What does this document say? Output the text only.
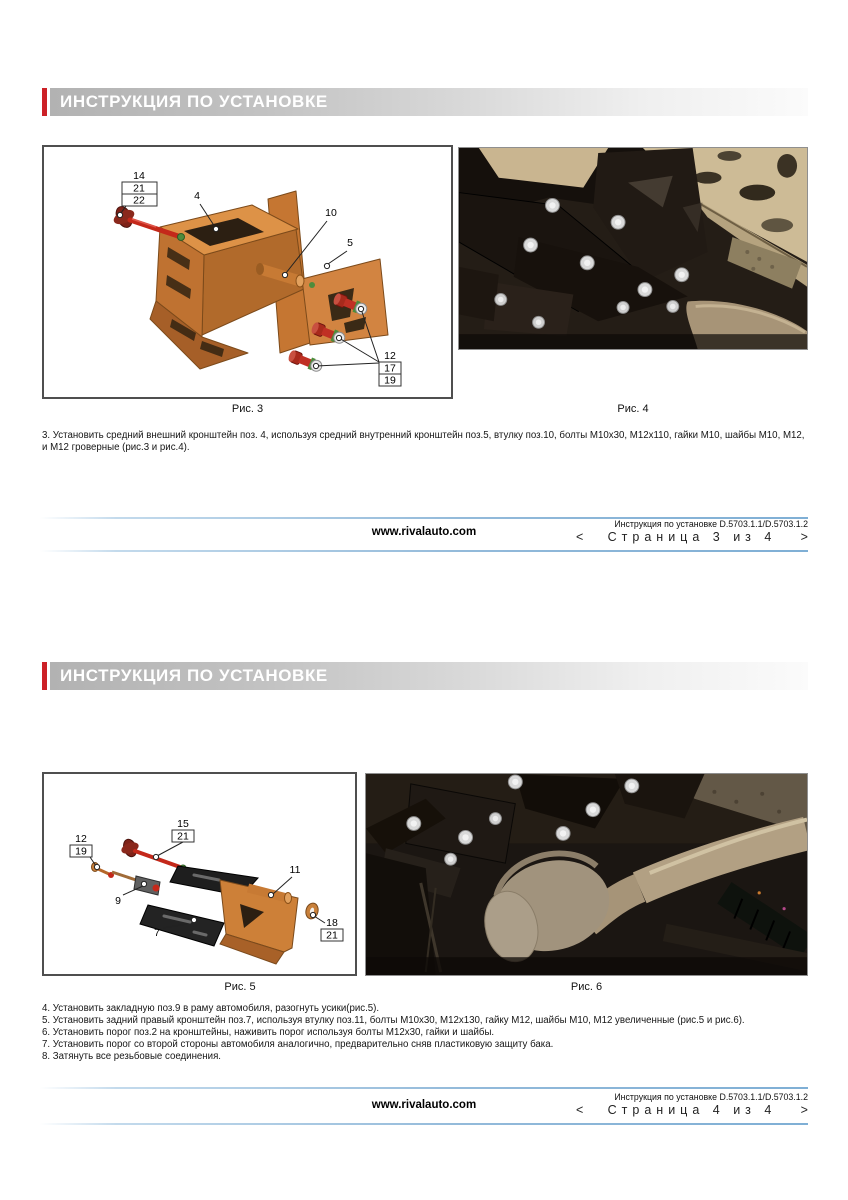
ИНСТРУКЦИЯ ПО УСТАНОВКЕ
14
21
22	4
10
5
12
17
19
Рис. 3	Рис. 4
3. Установить средний внешний кронштейн поз. 4, используя средний внутренний кронштейн поз.5, втулку поз.10, болты М10х30, М12х110, гайки М10, шайбы М10, М12, и М12 гроверные (рис.3 и рис.4).
www.rivalauto.com
Инструкция по установке D.5703.1.1/D.5703.1.2
< Страница 3 из 4 >
ИНСТРУКЦИЯ ПО УСТАНОВКЕ
12
19
15
21
9
7
11
18
21
Рис. 5	Рис. 6
4. Установить закладную поз.9 в раму автомобиля, разогнуть усики(рис.5).
5. Установить задний правый кронштейн поз.7, используя втулку поз.11, болты М10х30, М12х130, гайку М12, шайбы М10, М12 увеличенные (рис.5 и рис.6).
6. Установить порог поз.2 на кронштейны, наживить порог используя болты М12х30, гайки и шайбы.
7. Установить порог со второй стороны автомобиля аналогично, предварительно сняв пластиковую защиту бака.
8. Затянуть все резьбовые соединения.
www.rivalauto.com
Инструкция по установке D.5703.1.1/D.5703.1.2
< Страница 4 из 4 >
